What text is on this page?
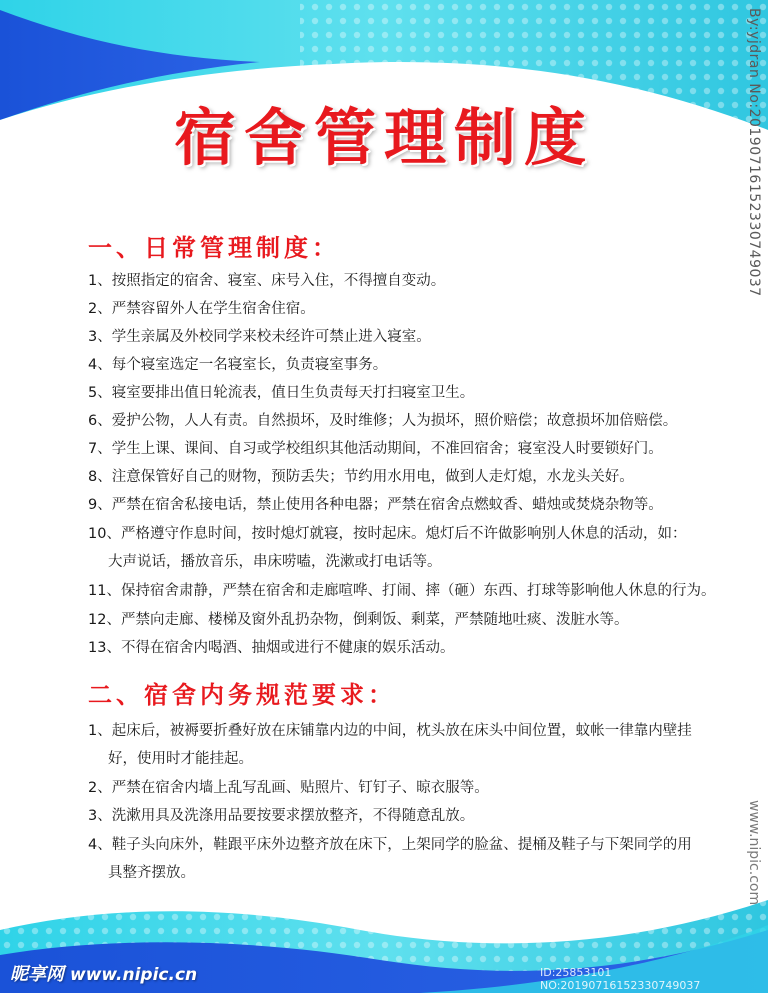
宿舍管理制度
一、日常管理制度：
1、按照指定的宿舍、寝室、床号入住，不得擅自变动。
2、严禁容留外人在学生宿舍住宿。
3、学生亲属及外校同学来校未经许可禁止进入寝室。
4、每个寝室选定一名寝室长，负责寝室事务。
5、寝室要排出值日轮流表，值日生负责每天打扫寝室卫生。
6、爱护公物，人人有责。自然损坏，及时维修；人为损坏，照价赔偿；故意损坏加倍赔偿。
7、学生上课、课间、自习或学校组织其他活动期间，不准回宿舍；寝室没人时要锁好门。
8、注意保管好自己的财物，预防丢失；节约用水用电，做到人走灯熄，水龙头关好。
9、严禁在宿舍私接电话，禁止使用各种电器；严禁在宿舍点燃蚊香、蜡烛或焚烧杂物等。
10、严格遵守作息时间，按时熄灯就寝，按时起床。熄灯后不许做影响别人休息的活动，如：
大声说话，播放音乐，串床唠嗑，洗漱或打电话等。
11、保持宿舍肃静，严禁在宿舍和走廊喧哗、打闹、摔（砸）东西、打球等影响他人休息的行为。
12、严禁向走廊、楼梯及窗外乱扔杂物，倒剩饭、剩菜，严禁随地吐痰、泼脏水等。
13、不得在宿舍内喝酒、抽烟或进行不健康的娱乐活动。
二、宿舍内务规范要求：
1、起床后，被褥要折叠好放在床铺靠内边的中间，枕头放在床头中间位置，蚊帐一律靠内壁挂
好，使用时才能挂起。
2、严禁在宿舍内墙上乱写乱画、贴照片、钉钉子、晾衣服等。
3、洗漱用具及洗涤用品要按要求摆放整齐，不得随意乱放。
4、鞋子头向床外，鞋跟平床外边整齐放在床下，上架同学的脸盆、提桶及鞋子与下架同学的用
具整齐摆放。
By:yjdran No:20190716152330749037
www.nipic.com
昵享网 www.nipic.cn	ID:25853101 NO:20190716152330749037
